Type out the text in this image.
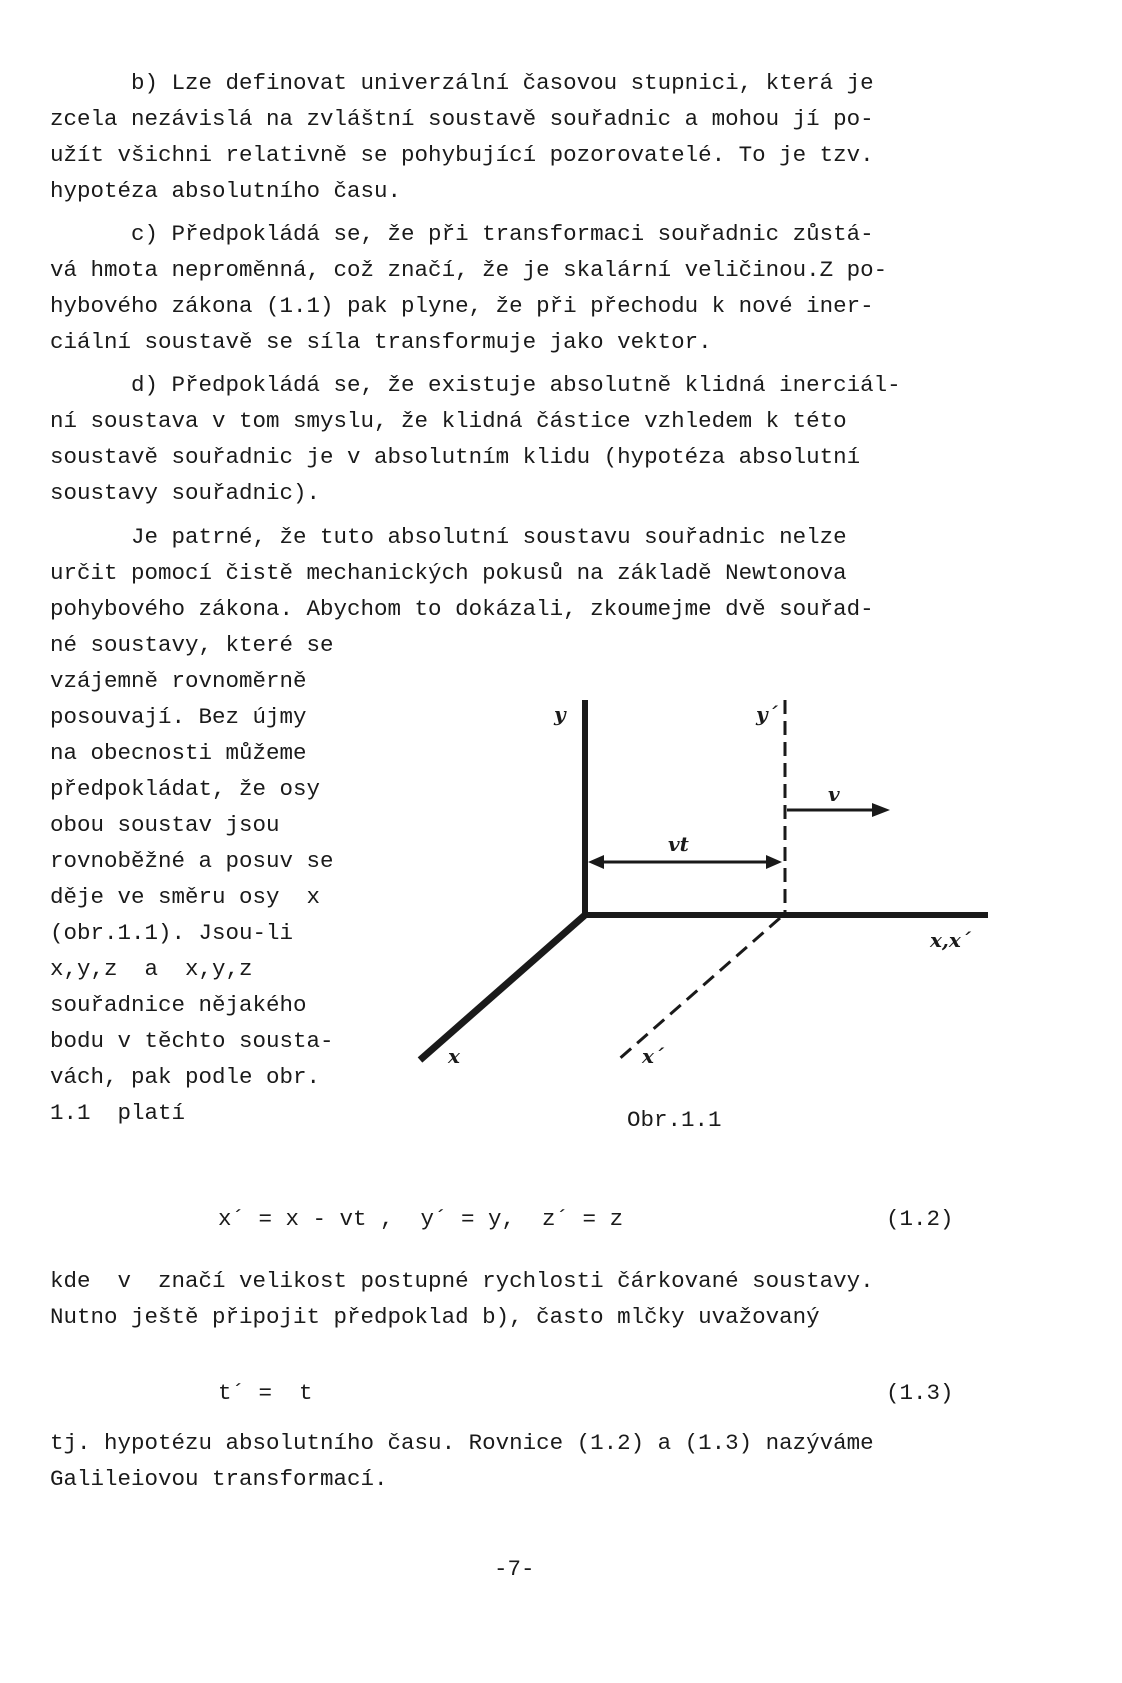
b) Lze definovat univerzální časovou stupnici, která je
zcela nezávislá na zvláštní soustavě souřadnic a mohou jí po-
užít všichni relativně se pohybující pozorovatelé. To je tzv.
hypotéza absolutního času.
c) Předpokládá se, že při transformaci souřadnic zůstá-
vá hmota neproměnná, což značí, že je skalární veličinou.Z po-
hybového zákona (1.1) pak plyne, že při přechodu k nové iner-
ciální soustavě se síla transformuje jako vektor.
d) Předpokládá se, že existuje absolutně klidná inerciál-
ní soustava v tom smyslu, že klidná částice vzhledem k této
soustavě souřadnic je v absolutním klidu (hypotéza absolutní
soustavy souřadnic).
Je patrné, že tuto absolutní soustavu souřadnic nelze
určit pomocí čistě mechanických pokusů na základě Newtonova
pohybového zákona. Abychom to dokázali, zkoumejme dvě souřad-
né soustavy, které se
vzájemně rovnoměrně
posouvají. Bez újmy
na obecnosti můžeme
předpokládat, že osy
obou soustav jsou
rovnoběžné a posuv se
děje ve směru osy  x
(obr.1.1). Jsou-li
x,y,z  a  x,y,z
souřadnice nějakého
bodu v těchto sousta-
vách, pak podle obr.
1.1  platí
y	y´
v
vt
x,x´
x	x´
Obr.1.1
x´ = x - vt ,  y´ = y,  z´ = z	(1.2)
kde  v  značí velikost postupné rychlosti čárkované soustavy.
Nutno ještě připojit předpoklad b), často mlčky uvažovaný
t´ =  t	(1.3)
tj. hypotézu absolutního času. Rovnice (1.2) a (1.3) nazýváme
Galileiovou transformací.
-7-
